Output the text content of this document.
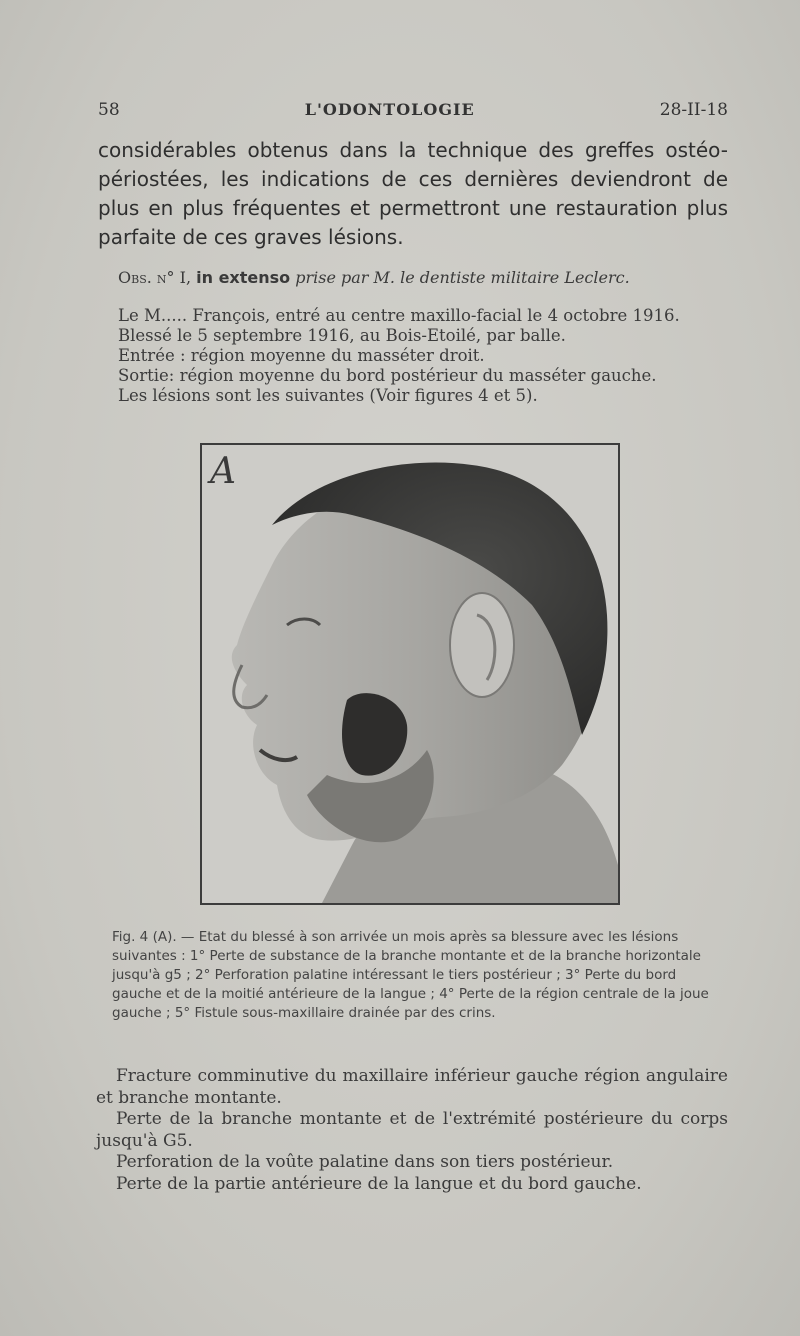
58	L'ODONTOLOGIE	28-II-18

considérables obtenus dans la technique des greffes ostéo-périostées, les indications de ces dernières deviendront de plus en plus fréquentes et permettront une restauration plus parfaite de ces graves lésions.

Obs. n° I, in extenso prise par M. le dentiste militaire Leclerc.

Le M..... François, entré au centre maxillo-facial le 4 octobre 1916.
Blessé le 5 septembre 1916, au Bois-Etoilé, par balle.
Entrée : région moyenne du masséter droit.
Sortie: région moyenne du bord postérieur du masséter gauche.
Les lésions sont les suivantes (Voir figures 4 et 5).
A

Fig. 4 (A). — Etat du blessé à son arrivée un mois après sa blessure avec les lésions suivantes : 1° Perte de substance de la branche montante et de la branche horizontale jusqu'à g5 ; 2° Perforation palatine intéressant le tiers postérieur ; 3° Perte du bord gauche et de la moitié antérieure de la langue ; 4° Perte de la région centrale de la joue gauche ; 5° Fistule sous-maxillaire drainée par des crins.

Fracture comminutive du maxillaire inférieur gauche région angulaire et branche montante.

Perte de la branche montante et de l'extrémité postérieure du corps jusqu'à G5.

Perforation de la voûte palatine dans son tiers postérieur.

Perte de la partie antérieure de la langue et du bord gauche.
